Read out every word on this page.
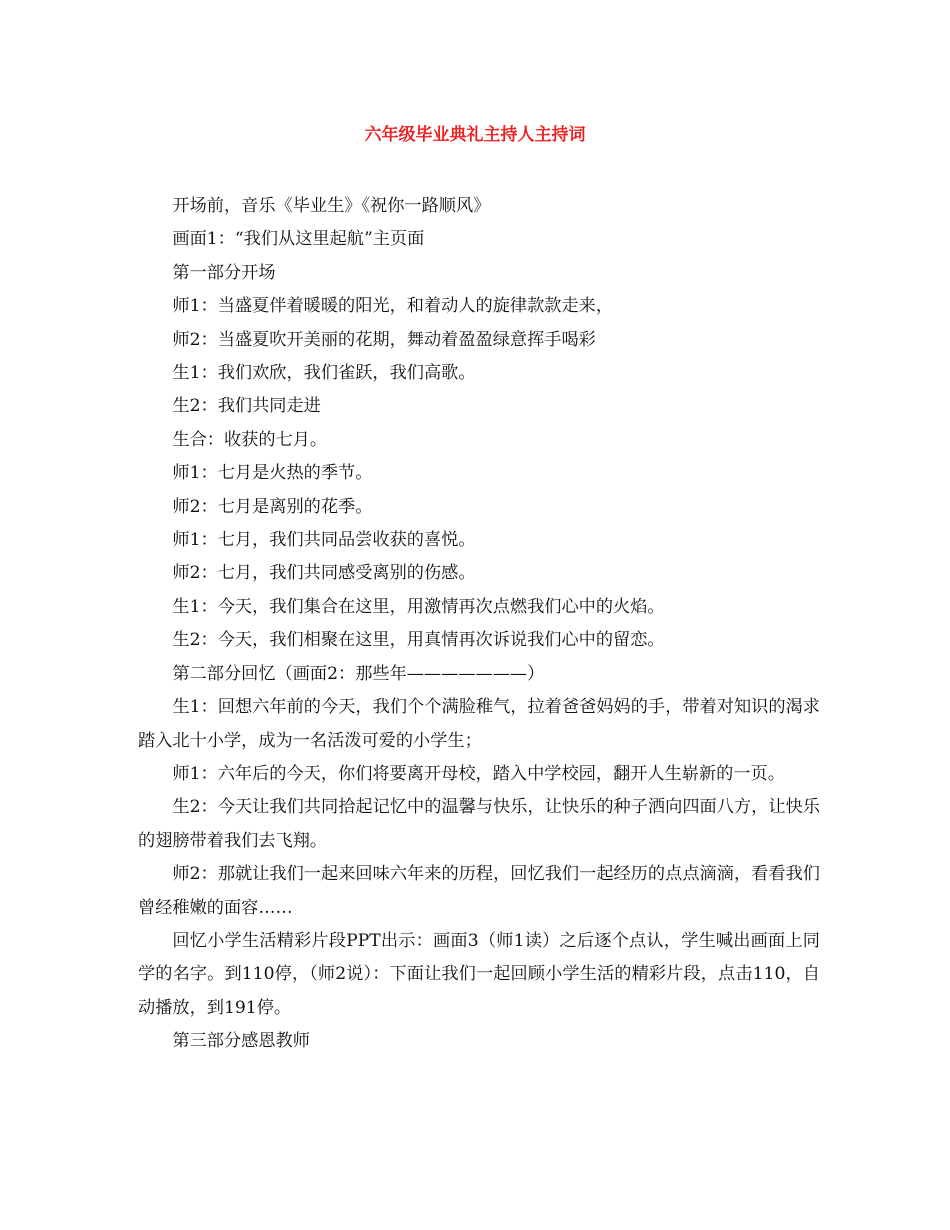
六年级毕业典礼主持人主持词

开场前，音乐《毕业生》《祝你一路顺风》

画面1：“我们从这里起航”主页面

第一部分开场

师1：当盛夏伴着暖暖的阳光，和着动人的旋律款款走来，

师2：当盛夏吹开美丽的花期，舞动着盈盈绿意挥手喝彩

生1：我们欢欣，我们雀跃，我们高歌。

生2：我们共同走进

生合：收获的七月。

师1：七月是火热的季节。

师2：七月是离别的花季。

师1：七月，我们共同品尝收获的喜悦。

师2：七月，我们共同感受离别的伤感。

生1：今天，我们集合在这里，用激情再次点燃我们心中的火焰。

生2：今天，我们相聚在这里，用真情再次诉说我们心中的留恋。

第二部分回忆（画面2：那些年———————）

生1：回想六年前的今天，我们个个满脸稚气，拉着爸爸妈妈的手，带着对知识的渴求踏入北十小学，成为一名活泼可爱的小学生；

师1：六年后的今天，你们将要离开母校，踏入中学校园，翻开人生崭新的一页。

生2：今天让我们共同拾起记忆中的温馨与快乐，让快乐的种子洒向四面八方，让快乐的翅膀带着我们去飞翔。

师2：那就让我们一起来回味六年来的历程，回忆我们一起经历的点点滴滴，看看我们曾经稚嫩的面容……

回忆小学生活精彩片段PPT出示：画面3（师1读）之后逐个点认，学生喊出画面上同学的名字。到110停，（师2说）：下面让我们一起回顾小学生活的精彩片段，点击110，自动播放，到191停。

第三部分感恩教师
